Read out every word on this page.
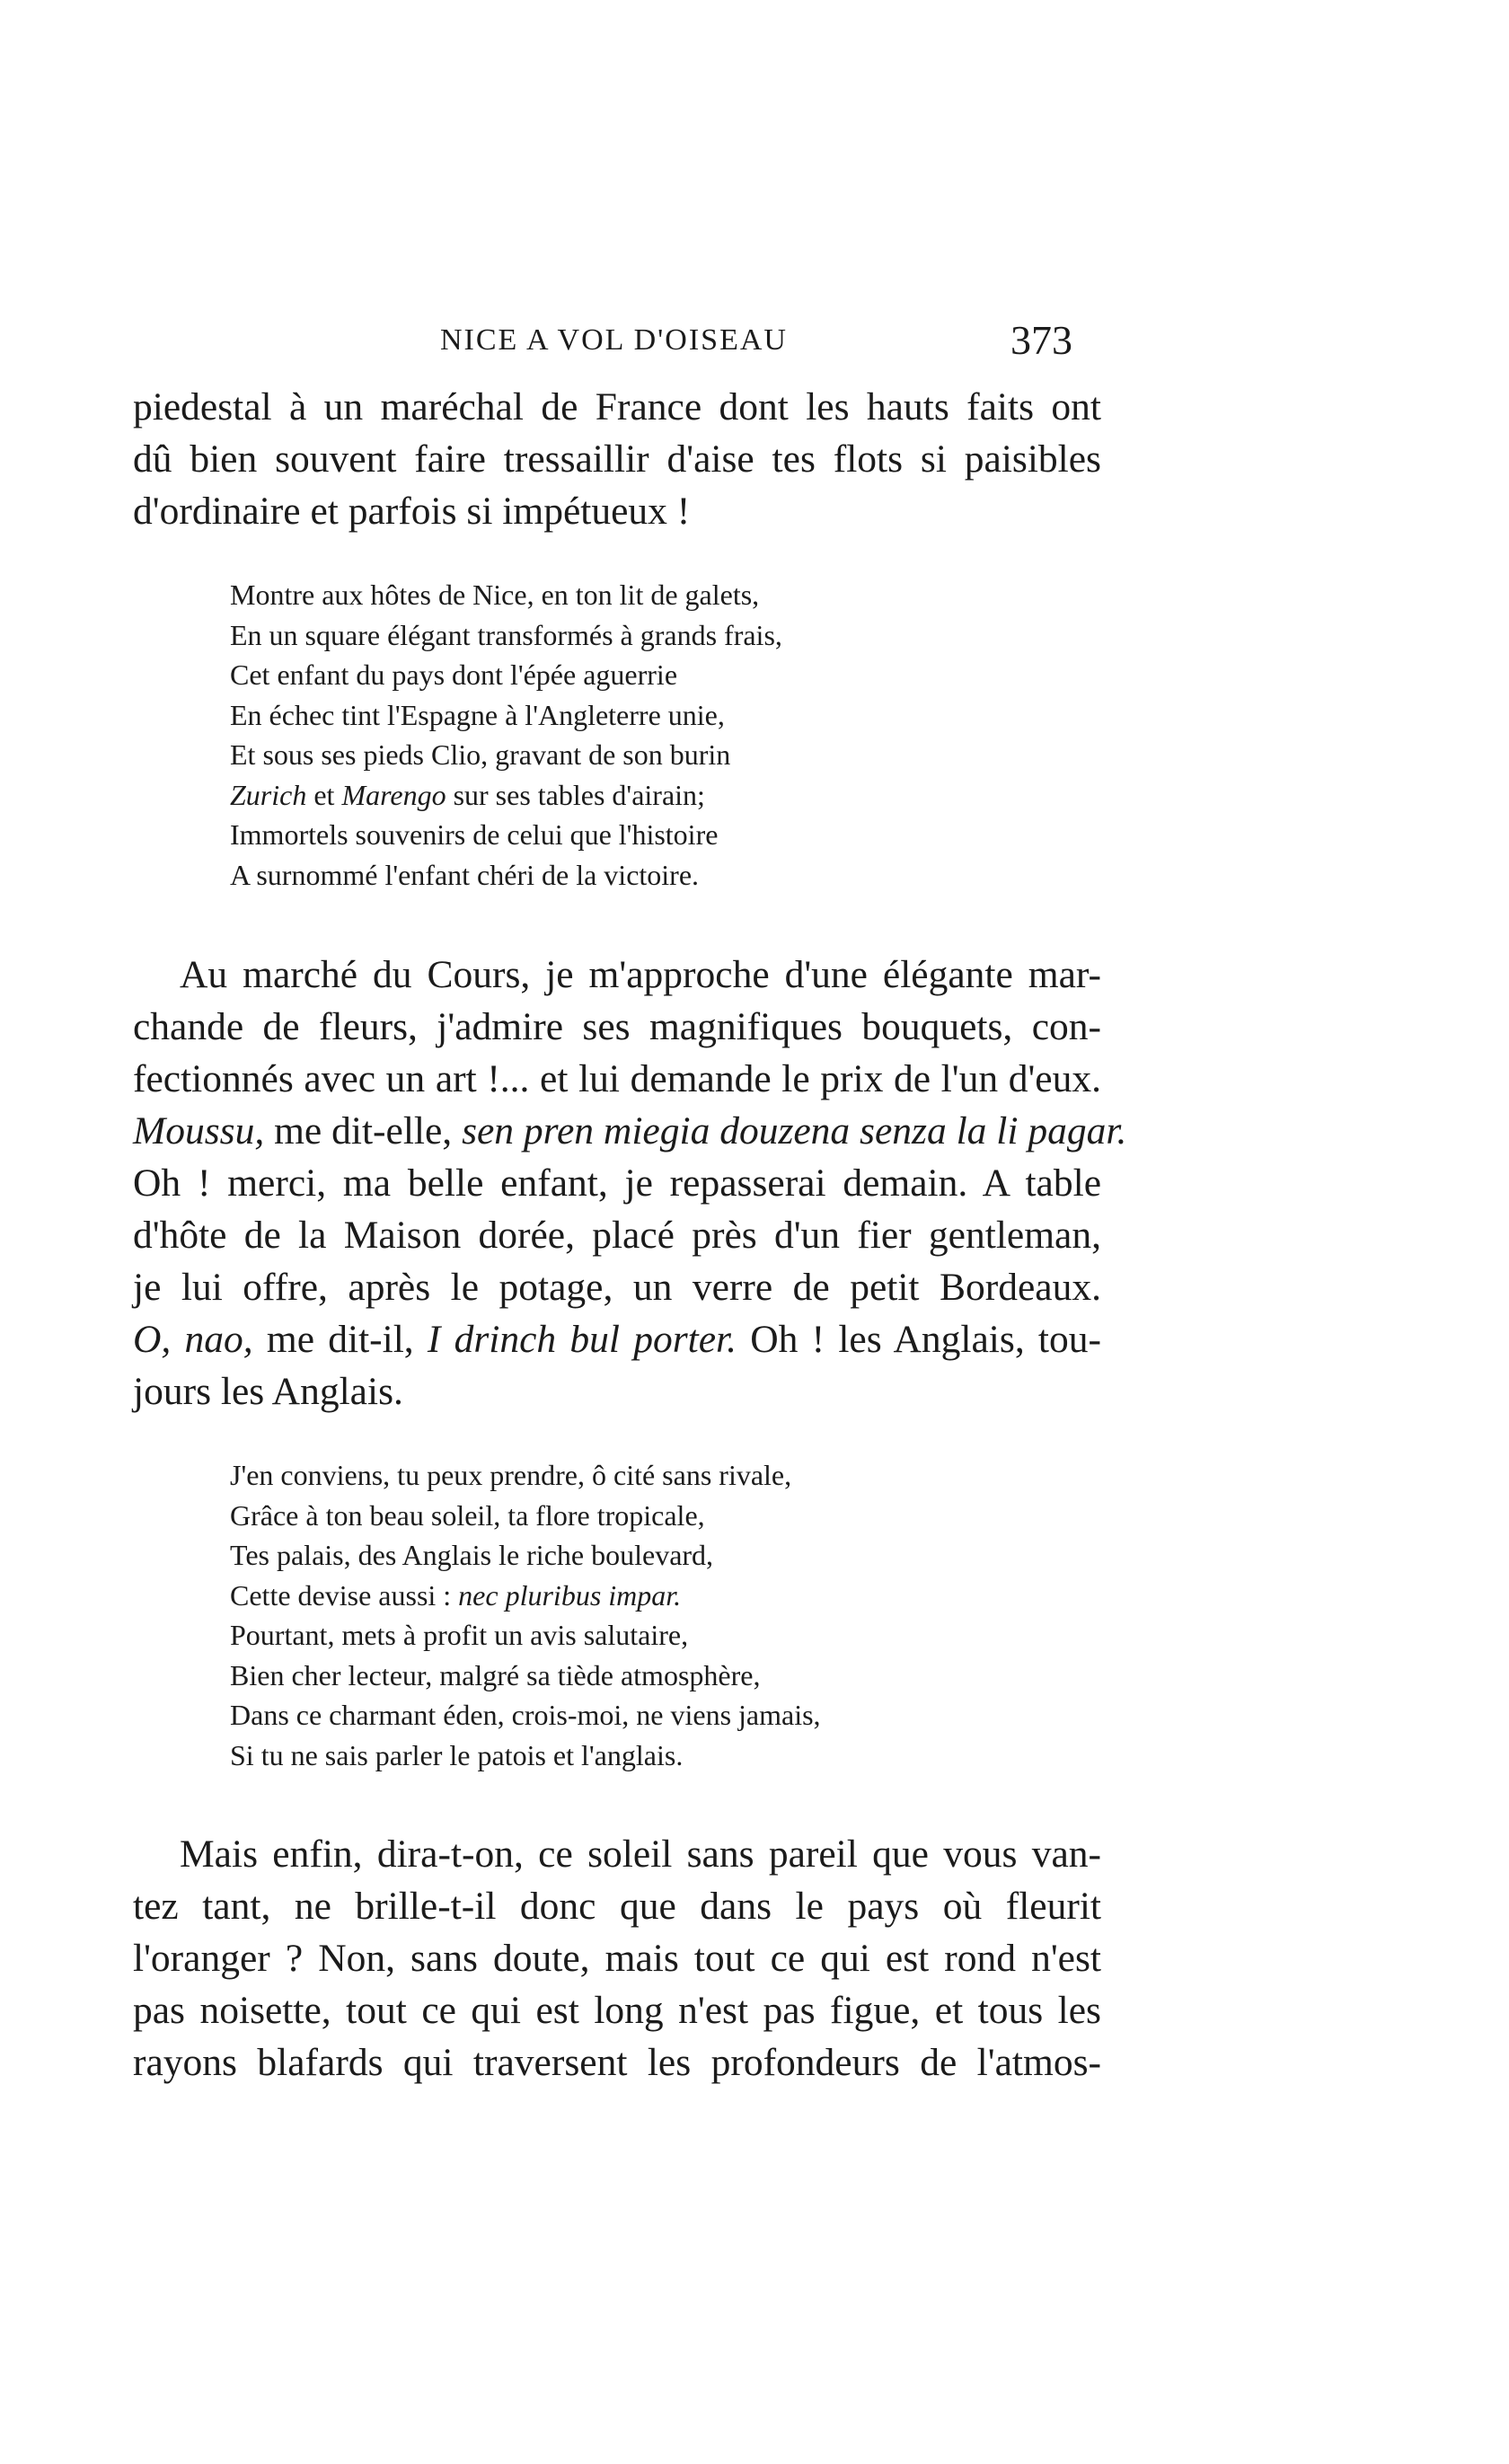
NICE A VOL D'OISEAU	373
piedestal à un maréchal de France dont les hauts faits ont
dû bien souvent faire tressaillir d'aise tes flots si paisibles
d'ordinaire et parfois si impétueux !
Montre aux hôtes de Nice, en ton lit de galets,
En un square élégant transformés à grands frais,
Cet enfant du pays dont l'épée aguerrie
En échec tint l'Espagne à l'Angleterre unie,
Et sous ses pieds Clio, gravant de son burin
Zurich et Marengo sur ses tables d'airain;
Immortels souvenirs de celui que l'histoire
A surnommé l'enfant chéri de la victoire.
Au marché du Cours, je m'approche d'une élégante mar-
chande de fleurs, j'admire ses magnifiques bouquets, con-
fectionnés avec un art !... et lui demande le prix de l'un d'eux.
Moussu, me dit-elle, sen pren miegia douzena senza la li pagar.
Oh ! merci, ma belle enfant, je repasserai demain. A table
d'hôte de la Maison dorée, placé près d'un fier gentleman,
je lui offre, après le potage, un verre de petit Bordeaux.
O, nao, me dit-il, I drinch bul porter. Oh ! les Anglais, tou-
jours les Anglais.
J'en conviens, tu peux prendre, ô cité sans rivale,
Grâce à ton beau soleil, ta flore tropicale,
Tes palais, des Anglais le riche boulevard,
Cette devise aussi : nec pluribus impar.
Pourtant, mets à profit un avis salutaire,
Bien cher lecteur, malgré sa tiède atmosphère,
Dans ce charmant éden, crois-moi, ne viens jamais,
Si tu ne sais parler le patois et l'anglais.
Mais enfin, dira-t-on, ce soleil sans pareil que vous van-
tez tant, ne brille-t-il donc que dans le pays où fleurit
l'oranger ? Non, sans doute, mais tout ce qui est rond n'est
pas noisette, tout ce qui est long n'est pas figue, et tous les
rayons blafards qui traversent les profondeurs de l'atmos-
